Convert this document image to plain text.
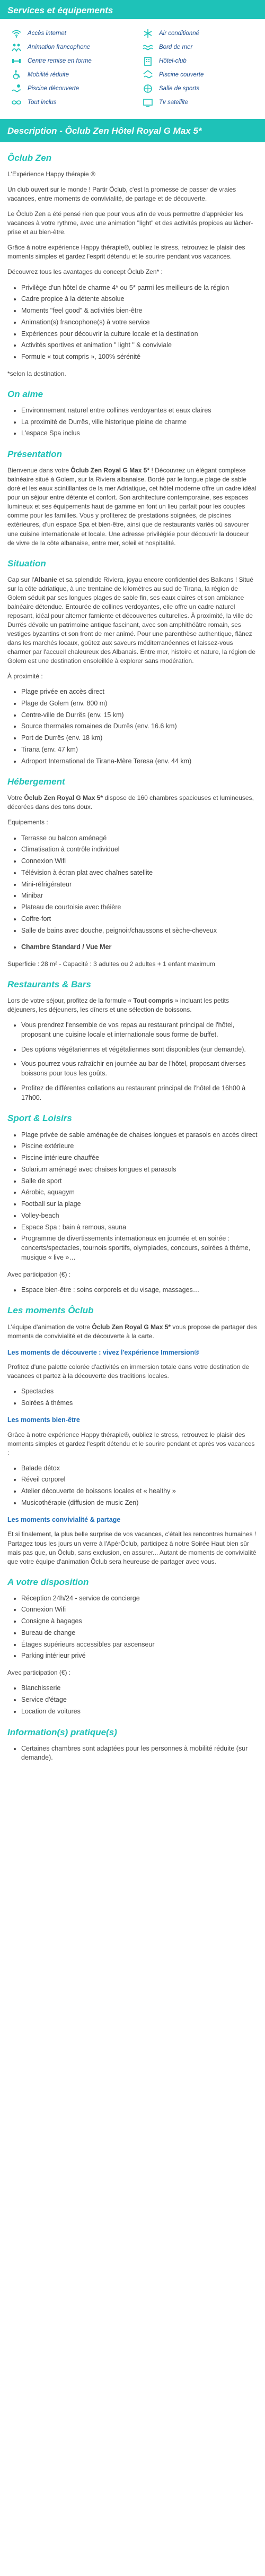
Services et équipements
Accès internet	Air conditionné
Animation francophone	Bord de mer
Centre remise en forme	Hôtel-club
Mobilité réduite	Piscine couverte
Piscine découverte	Salle de sports
Tout inclus	Tv satellite
Description - Ôclub Zen Hôtel Royal G Max 5*
Ôclub Zen

L'Expérience Happy thérapie ®

Un club ouvert sur le monde ! Partir Ôclub, c'est la promesse de passer de vraies vacances, entre moments de convivialité, de partage et de découverte.

Le Ôclub Zen a été pensé rien que pour vous afin de vous permettre d'apprécier les vacances à votre rythme, avec une animation "light" et des activités propices au lâcher-prise et au bien-être.

Grâce à notre expérience Happy thérapie®, oubliez le stress, retrouvez le plaisir des moments simples et gardez l'esprit détendu et le sourire pendant vos vacances.

Découvrez tous les avantages du concept Ôclub Zen* :

• Privilège d'un hôtel de charme 4* ou 5* parmi les meilleurs de la région
• Cadre propice à la détente absolue
• Moments "feel good" & activités bien-être
• Animation(s) francophone(s) à votre service
• Expériences pour découvrir la culture locale et la destination
• Activités sportives et animation " light " & conviviale
• Formule « tout compris », 100% sérénité

*selon la destination.

On aime
• Environnement naturel entre collines verdoyantes et eaux claires
• La proximité de Durrës, ville historique pleine de charme
• L'espace Spa inclus
Présentation

Bienvenue dans votre Ôclub Zen Royal G Max 5* ! Découvrez un élégant complexe balnéaire situé à Golem, sur la Riviera albanaise. Bordé par le longue plage de sable doré et les eaux scintillantes de la mer Adriatique, cet hôtel moderne offre un cadre idéal pour un séjour entre détente et confort. Son architecture contemporaine, ses espaces lumineux et ses équipements haut de gamme en font un lieu parfait pour les couples comme pour les familles. Vous y profiterez de prestations soignées, de piscines extérieures, d'un espace Spa et bien-être, ainsi que de restaurants variés où savourer une cuisine internationale et locale. Une adresse privilégiée pour découvrir la douceur de vivre de la côte albanaise, entre mer, soleil et hospitalité.

Situation

Cap sur l'Albanie et sa splendide Riviera, joyau encore confidentiel des Balkans ! Situé sur la côte adriatique, à une trentaine de kilomètres au sud de Tirana, la région de Golem séduit par ses longues plages de sable fin, ses eaux claires et son ambiance balnéaire détendue. Entourée de collines verdoyantes, elle offre un cadre naturel reposant, idéal pour alterner farniente et découvertes culturelles. À proximité, la ville de Durrës dévoile un patrimoine antique fascinant, avec son amphithéâtre romain, ses vestiges byzantins et son front de mer animé. Pour une parenthèse authentique, flânez dans les marchés locaux, goûtez aux saveurs méditerranéennes et laissez-vous charmer par l'accueil chaleureux des Albanais. Entre mer, histoire et nature, la région de Golem est une destination ensoleillée à explorer sans modération.

À proximité :

• Plage privée en accès direct
• Plage de Golem (env. 800 m)
• Centre-ville de Durrës (env. 15 km)
• Source thermales romaines de Durrës (env. 16.6 km)
• Port de Durrës (env. 18 km)
• Tirana (env. 47 km)
• Adroport International de Tirana-Mère Teresa (env. 44 km)
Hébergement

Votre Ôclub Zen Royal G Max 5* dispose de 160 chambres spacieuses et lumineuses, décorées dans des tons doux.

Equipements :

• Terrasse ou balcon aménagé
• Climatisation à contrôle individuel
• Connexion Wifi
• Télévision à écran plat avec chaînes satellite
• Mini-réfrigérateur
• Minibar
• Plateau de courtoisie avec théière
• Coffre-fort
• Salle de bains avec douche, peignoir/chaussons et sèche-cheveux
• Chambre Standard / Vue Mer

Superficie : 28 m² - Capacité : 3 adultes ou 2 adultes + 1 enfant maximum

Restaurants & Bars

Lors de votre séjour, profitez de la formule « Tout compris » incluant les petits déjeuners, les déjeuners, les dîners et une sélection de boissons.

• Vous prendrez l'ensemble de vos repas au restaurant principal de l'hôtel, proposant une cuisine locale et internationale sous forme de buffet.
• Des options végétariennes et végétaliennes sont disponibles (sur demande).
• Vous pourrez vous rafraîchir en journée au bar de l'hôtel, proposant diverses boissons pour tous les goûts.
• Profitez de différentes collations au restaurant principal de l'hôtel de 16h00 à 17h00.
Sport & Loisirs
• Plage privée de sable aménagée de chaises longues et parasols en accès direct
• Piscine extérieure
• Piscine intérieure chauffée
• Solarium aménagé avec chaises longues et parasols
• Salle de sport
• Aérobic, aquagym
• Football sur la plage
• Volley-beach
• Espace Spa : bain à remous, sauna
• Programme de divertissements internationaux en journée et en soirée : concerts/spectacles, tournois sportifs, olympiades, concours, soirées à thème, musique « live »…

Avec participation (€) :

• Espace bien-être : soins corporels et du visage, massages…
Les moments Ôclub

L'équipe d'animation de votre Ôclub Zen Royal G Max 5* vous propose de partager des moments de convivialité et de découverte à la carte.

Les moments de découverte : vivez l'expérience Immersion®

Profitez d'une palette colorée d'activités en immersion totale dans votre destination de vacances et partez à la découverte des traditions locales.

• Spectacles
• Soirées à thèmes
Les moments bien-être

Grâce à notre expérience Happy thérapie®, oubliez le stress, retrouvez le plaisir des moments simples et gardez l'esprit détendu et le sourire pendant et après vos vacances :

• Balade détox
• Réveil corporel
• Atelier découverte de boissons locales et « healthy »
• Musicothérapie (diffusion de music Zen)
Les moments convivialité & partage

Et si finalement, la plus belle surprise de vos vacances, c'était les rencontres humaines ! Partagez tous les jours un verre à l'ApérÔclub, participez à notre Soirée Haut bien sûr mais pas que, un Ôclub, sans exclusion, en assurer... Autant de moments de convivialité que votre équipe d'animation Ôclub sera heureuse de partager avec vous.

A votre disposition
• Réception 24h/24 - service de concierge
• Connexion Wifi
• Consigne à bagages
• Bureau de change
• Étages supérieurs accessibles par ascenseur
• Parking intérieur privé

Avec participation (€) :

• Blanchisserie
• Service d'étage
• Location de voitures
Information(s) pratique(s)
• Certaines chambres sont adaptées pour les personnes à mobilité réduite (sur demande).
